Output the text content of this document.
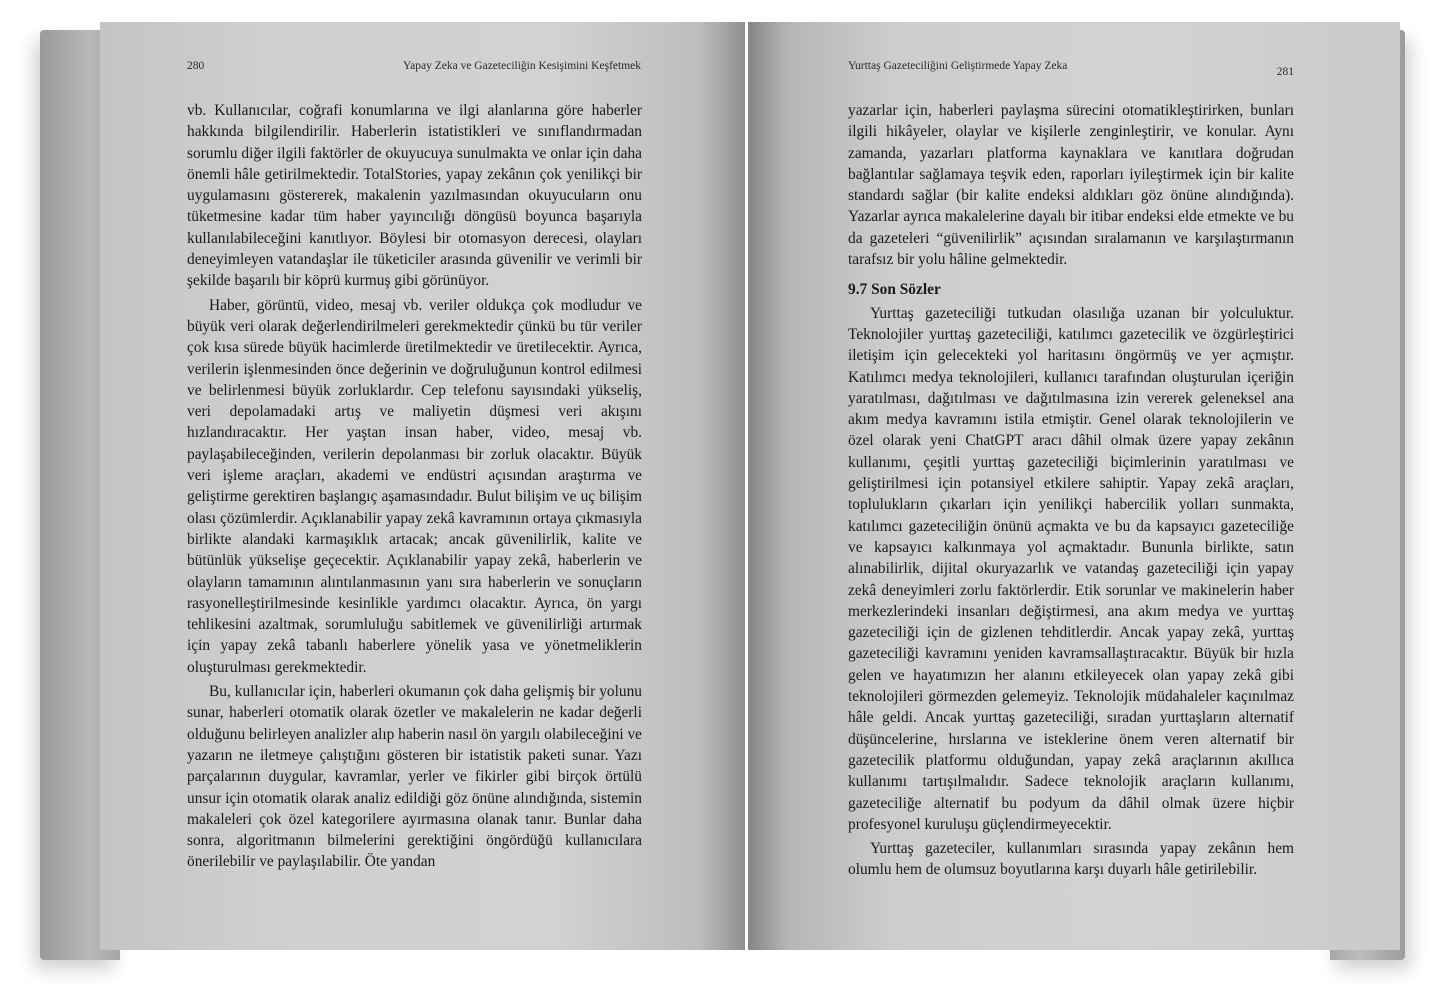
280	Yapay Zeka ve Gazeteciliğin Kesişimini Keşfetmek

vb. Kullanıcılar, coğrafi konumlarına ve ilgi alanlarına göre haberler hakkında bilgilendirilir. Haberlerin istatistikleri ve sınıflandırmadan sorumlu diğer ilgili faktörler de okuyucuya sunulmakta ve onlar için daha önemli hâle getirilmektedir. TotalStories, yapay zekânın çok yenilikçi bir uygulamasını göstererek, makalenin yazılmasından okuyucuların onu tüketmesine kadar tüm haber yayıncılığı döngüsü boyunca başarıyla kullanılabileceğini kanıtlıyor. Böylesi bir otomasyon derecesi, olayları deneyimleyen vatandaşlar ile tüketiciler arasında güvenilir ve verimli bir şekilde başarılı bir köprü kurmuş gibi görünüyor.

Haber, görüntü, video, mesaj vb. veriler oldukça çok modludur ve büyük veri olarak değerlendirilmeleri gerekmektedir çünkü bu tür veriler çok kısa sürede büyük hacimlerde üretilmektedir ve üretilecektir. Ayrıca, verilerin işlenmesinden önce değerinin ve doğruluğunun kontrol edilmesi ve belirlenmesi büyük zorluklardır. Cep telefonu sayısındaki yükseliş, veri depolamadaki artış ve maliyetin düşmesi veri akışını hızlandıracaktır. Her yaştan insan haber, video, mesaj vb. paylaşabileceğinden, verilerin depolanması bir zorluk olacaktır. Büyük veri işleme araçları, akademi ve endüstri açısından araştırma ve geliştirme gerektiren başlangıç aşamasındadır. Bulut bilişim ve uç bilişim olası çözümlerdir. Açıklanabilir yapay zekâ kavramının ortaya çıkmasıyla birlikte alandaki karmaşıklık artacak; ancak güvenilirlik, kalite ve bütünlük yükselişe geçecektir. Açıklanabilir yapay zekâ, haberlerin ve olayların tamamının alıntılanmasının yanı sıra haberlerin ve sonuçların rasyonelleştirilmesinde kesinlikle yardımcı olacaktır. Ayrıca, ön yargı tehlikesini azaltmak, sorumluluğu sabitlemek ve güvenilirliği artırmak için yapay zekâ tabanlı haberlere yönelik yasa ve yönetmeliklerin oluşturulması gerekmektedir.

Bu, kullanıcılar için, haberleri okumanın çok daha gelişmiş bir yolunu sunar, haberleri otomatik olarak özetler ve makalelerin ne kadar değerli olduğunu belirleyen analizler alıp haberin nasıl ön yargılı olabileceğini ve yazarın ne iletmeye çalıştığını gösteren bir istatistik paketi sunar. Yazı parçalarının duygular, kavramlar, yerler ve fikirler gibi birçok örtülü unsur için otomatik olarak analiz edildiği göz önüne alındığında, sistemin makaleleri çok özel kategorilere ayırmasına olanak tanır. Bunlar daha sonra, algoritmanın bilmelerini gerektiğini öngördüğü kullanıcılara önerilebilir ve paylaşılabilir. Öte yandan

Yurttaş Gazeteciliğini Geliştirmede Yapay Zeka	281

yazarlar için, haberleri paylaşma sürecini otomatikleştirirken, bunları ilgili hikâyeler, olaylar ve kişilerle zenginleştirir, ve konular. Aynı zamanda, yazarları platforma kaynaklara ve kanıtlara doğrudan bağlantılar sağlamaya teşvik eden, raporları iyileştirmek için bir kalite standardı sağlar (bir kalite endeksi aldıkları göz önüne alındığında). Yazarlar ayrıca makalelerine dayalı bir itibar endeksi elde etmekte ve bu da gazeteleri “güvenilirlik” açısından sıralamanın ve karşılaştırmanın tarafsız bir yolu hâline gelmektedir.

9.7 Son Sözler

Yurttaş gazeteciliği tutkudan olasılığa uzanan bir yolculuktur. Teknolojiler yurttaş gazeteciliği, katılımcı gazetecilik ve özgürleştirici iletişim için gelecekteki yol haritasını öngörmüş ve yer açmıştır. Katılımcı medya teknolojileri, kullanıcı tarafından oluşturulan içeriğin yaratılması, dağıtılması ve dağıtılmasına izin vererek geleneksel ana akım medya kavramını istila etmiştir. Genel olarak teknolojilerin ve özel olarak yeni ChatGPT aracı dâhil olmak üzere yapay zekânın kullanımı, çeşitli yurttaş gazeteciliği biçimlerinin yaratılması ve geliştirilmesi için potansiyel etkilere sahiptir. Yapay zekâ araçları, toplulukların çıkarları için yenilikçi habercilik yolları sunmakta, katılımcı gazeteciliğin önünü açmakta ve bu da kapsayıcı gazeteciliğe ve kapsayıcı kalkınmaya yol açmaktadır. Bununla birlikte, satın alınabilirlik, dijital okuryazarlık ve vatandaş gazeteciliği için yapay zekâ deneyimleri zorlu faktörlerdir. Etik sorunlar ve makinelerin haber merkezlerindeki insanları değiştirmesi, ana akım medya ve yurttaş gazeteciliği için de gizlenen tehditlerdir. Ancak yapay zekâ, yurttaş gazeteciliği kavramını yeniden kavramsallaştıracaktır. Büyük bir hızla gelen ve hayatımızın her alanını etkileyecek olan yapay zekâ gibi teknolojileri görmezden gelemeyiz. Teknolojik müdahaleler kaçınılmaz hâle geldi. Ancak yurttaş gazeteciliği, sıradan yurttaşların alternatif düşüncelerine, hırslarına ve isteklerine önem veren alternatif bir gazetecilik platformu olduğundan, yapay zekâ araçlarının akıllıca kullanımı tartışılmalıdır. Sadece teknolojik araçların kullanımı, gazeteciliğe alternatif bu podyum da dâhil olmak üzere hiçbir profesyonel kuruluşu güçlendirmeyecektir.

Yurttaş gazeteciler, kullanımları sırasında yapay zekânın hem olumlu hem de olumsuz boyutlarına karşı duyarlı hâle getirilebilir.
